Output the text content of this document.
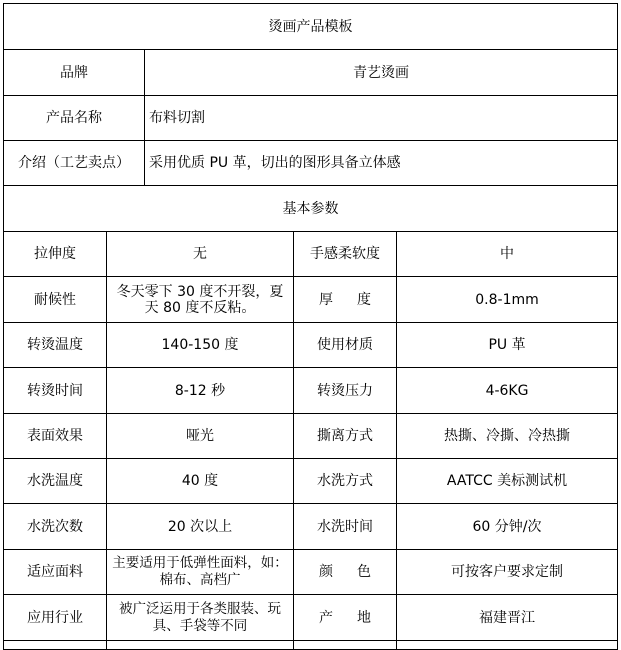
烫画产品模板				
品牌		青艺烫画		
产品名称		布料切割		
介绍（工艺卖点）		采用优质 PU 革，切出的图形具备立体感		
基本参数				
拉伸度	无		手感柔软度	中
耐候性	冬天零下 30 度不开裂，夏天 80 度不反粘。		厚度	0.8-1mm
转烫温度	140-150 度		使用材质	PU 革
转烫时间	8-12 秒		转烫压力	4-6KG
表面效果	哑光		撕离方式	热撕、冷撕、冷热撕
水洗温度	40 度		水洗方式	AATCC 美标测试机
水洗次数	20 次以上		水洗时间	60 分钟/次
适应面料	主要适用于低弹性面料，如：棉布、高档广		颜色	可按客户要求定制
应用行业	被广泛运用于各类服装、玩具、手袋等不同		产地	福建晋江
